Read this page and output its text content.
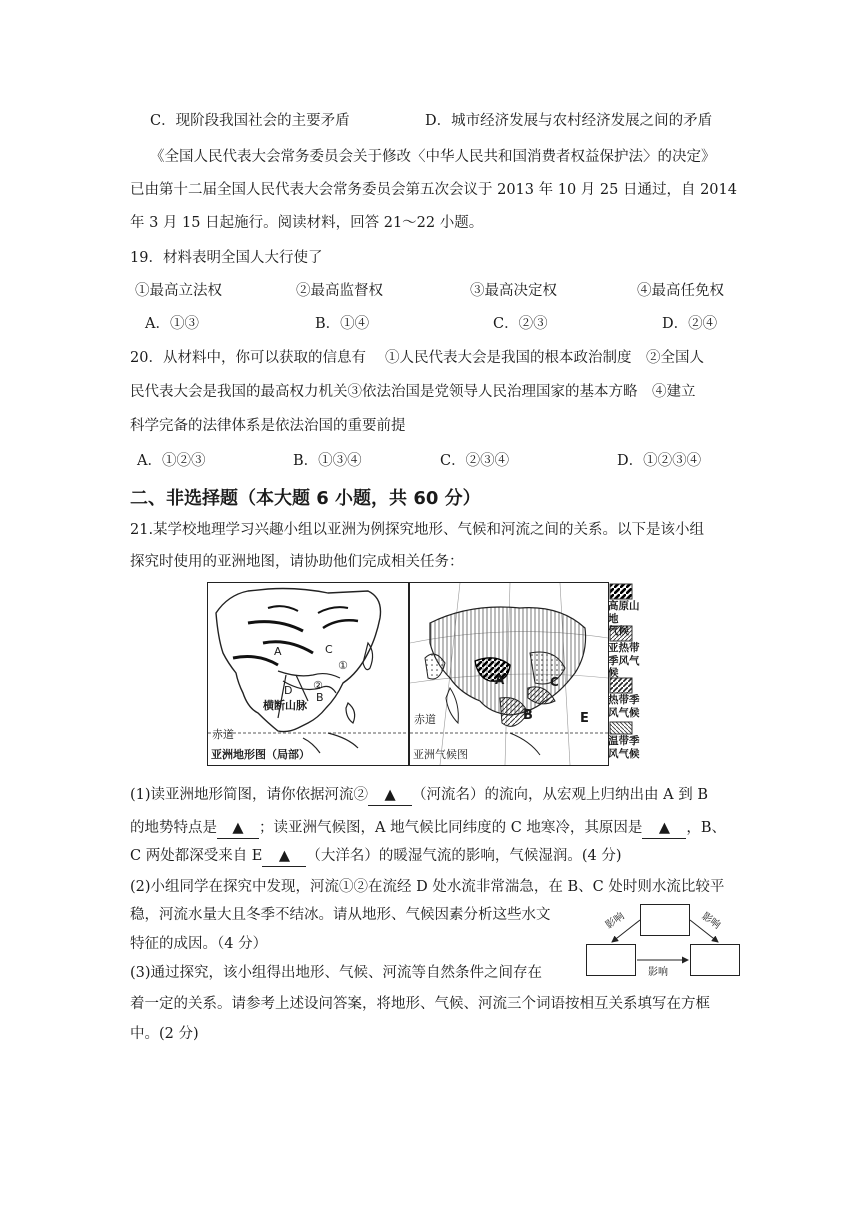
C．现阶段我国社会的主要矛盾	D．城市经济发展与农村经济发展之间的矛盾
《全国人民代表大会常务委员会关于修改〈中华人民共和国消费者权益保护法〉的决定》
已由第十二届全国人民代表大会常务委员会第五次会议于 2013 年 10 月 25 日通过，自 2014
年 3 月 15 日起施行。阅读材料，回答 21～22 小题。
19．材料表明全国人大行使了
①最高立法权	②最高监督权	③最高决定权	④最高任免权
A．①③	B．①④	C．②③	D．②④
20．从材料中，你可以获取的信息有　 ①人民代表大会是我国的根本政治制度　②全国人
民代表大会是我国的最高权力机关③依法治国是党领导人民治理国家的基本方略　④建立
科学完备的法律体系是依法治国的重要前提
A．①②③	B．①③④	C．②③④	D．①②③④
二、非选择题（本大题 6 小题，共 60 分）
21.某学校地理学习兴趣小组以亚洲为例探究地形、气候和河流之间的关系。以下是该小组
探究时使用的亚洲地图，请协助他们完成相关任务：
A	C
①
②
D
B
横断山脉
赤道
亚洲地形图（局部）
A
B
C
E
赤道
亚洲气候图
高原山地
气候
亚热带
季风气候
热带季
风气候
温带季
风气候
(1)读亚洲地形简图，请你依据河流② ▲ （河流名）的流向，从宏观上归纳出由 A 到 B
的地势特点是 ▲ ；读亚洲气候图，A 地气候比同纬度的 C 地寒冷，其原因是 ▲ ，B、
C 两处都深受来自 E ▲ （大洋名）的暖湿气流的影响，气候湿润。(4 分)
(2)小组同学在探究中发现，河流①②在流经 D 处水流非常湍急，在 B、C 处时则水流比较平
稳，河流水量大且冬季不结冰。请从地形、气候因素分析这些水文
特征的成因。（4 分）
(3)通过探究，该小组得出地形、气候、河流等自然条件之间存在
着一定的关系。请参考上述设问答案，将地形、气候、河流三个词语按相互关系填写在方框
中。(2 分)
影响	影响
影响
